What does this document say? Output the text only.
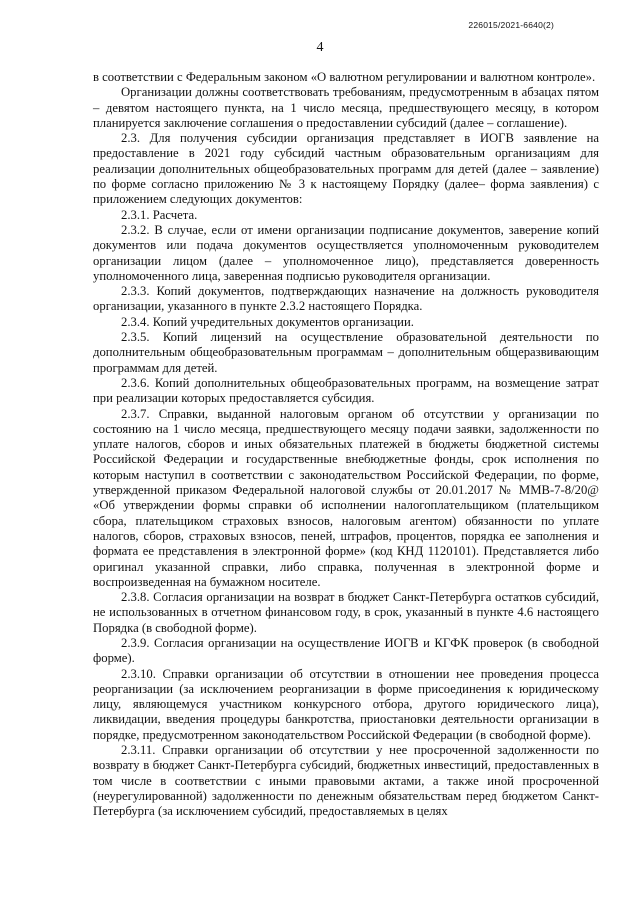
226015/2021-6640(2)
4

в соответствии с Федеральным законом «О валютном регулировании и валютном контроле».

Организации должны соответствовать требованиям, предусмотренным в абзацах пятом – девятом настоящего пункта, на 1 число месяца, предшествующего месяцу, в котором планируется заключение соглашения о предоставлении субсидий (далее – соглашение).

2.3. Для получения субсидии организация представляет в ИОГВ заявление на предоставление в 2021 году субсидий частным образовательным организациям для реализации дополнительных общеобразовательных программ для детей (далее – заявление) по форме согласно приложению № 3 к настоящему Порядку (далее– форма заявления) с приложением следующих документов:

2.3.1. Расчета.

2.3.2. В случае, если от имени организации подписание документов, заверение копий документов или подача документов осуществляется уполномоченным руководителем организации лицом (далее – уполномоченное лицо), представляется доверенность уполномоченного лица, заверенная подписью руководителя организации.

2.3.3. Копий документов, подтверждающих назначение на должность руководителя организации, указанного в пункте 2.3.2 настоящего Порядка.

2.3.4. Копий учредительных документов организации.

2.3.5. Копий лицензий на осуществление образовательной деятельности по дополнительным общеобразовательным программам – дополнительным общеразвивающим программам для детей.

2.3.6. Копий дополнительных общеобразовательных программ, на возмещение затрат при реализации которых предоставляется субсидия.

2.3.7. Справки, выданной налоговым органом об отсутствии у организации по состоянию на 1 число месяца, предшествующего месяцу подачи заявки, задолженности по уплате налогов, сборов и иных обязательных платежей в бюджеты бюджетной системы Российской Федерации и государственные внебюджетные фонды, срок исполнения по которым наступил в соответствии с законодательством Российской Федерации, по форме, утвержденной приказом Федеральной налоговой службы от 20.01.2017 № ММВ-7-8/20@ «Об утверждении формы справки об исполнении налогоплательщиком (плательщиком сбора, плательщиком страховых взносов, налоговым агентом) обязанности по уплате налогов, сборов, страховых взносов, пеней, штрафов, процентов, порядка ее заполнения и формата ее представления в электронной форме» (код КНД 1120101). Представляется либо оригинал указанной справки, либо справка, полученная в электронной форме и воспроизведенная на бумажном носителе.

2.3.8. Согласия организации на возврат в бюджет Санкт-Петербурга остатков субсидий, не использованных в отчетном финансовом году, в срок, указанный в пункте 4.6 настоящего Порядка (в свободной форме).

2.3.9. Согласия организации на осуществление ИОГВ и КГФК проверок (в свободной форме).

2.3.10. Справки организации об отсутствии в отношении нее проведения процесса реорганизации (за исключением реорганизации в форме присоединения к юридическому лицу, являющемуся участником конкурсного отбора, другого юридического лица), ликвидации, введения процедуры банкротства, приостановки деятельности организации в порядке, предусмотренном законодательством Российской Федерации (в свободной форме).

2.3.11. Справки организации об отсутствии у нее просроченной задолженности по возврату в бюджет Санкт-Петербурга субсидий, бюджетных инвестиций, предоставленных в том числе в соответствии с иными правовыми актами, а также иной просроченной (неурегулированной) задолженности по денежным обязательствам перед бюджетом Санкт-Петербурга (за исключением субсидий, предоставляемых в целях
